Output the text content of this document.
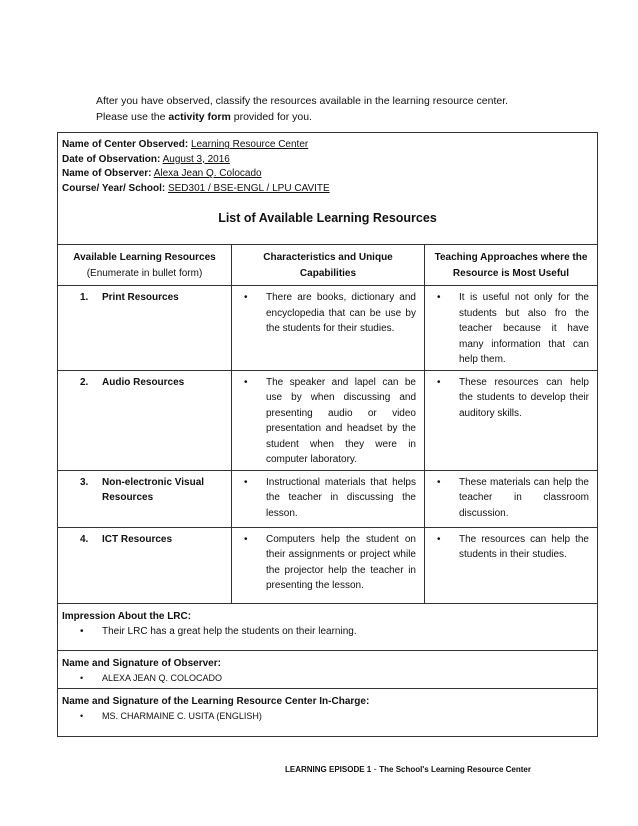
After you have observed, classify the resources available in the learning resource center.
Please use the activity form provided for you.
Name of Center Observed: Learning Resource Center
Date of Observation: August 3, 2016
Name of Observer: Alexa Jean Q. Colocado
Course/ Year/ School: SED301 / BSE-ENGL / LPU CAVITE
List of Available Learning Resources
Available Learning Resources
(Enumerate in bullet form)	Characteristics and Unique Capabilities	Teaching Approaches where the Resource is Most Useful

1. Print Resources	• There are books, dictionary and encyclopedia that can be use by the students for their studies.	• It is useful not only for the students but also fro the teacher because it have many information that can help them.

2. Audio Resources	• The speaker and lapel can be use by when discussing and presenting audio or video presentation and headset by the student when they were in computer laboratory.	• These resources can help the students to develop their auditory skills.

3. Non-electronic Visual Resources	• Instructional materials that helps the teacher in discussing the lesson.	• These materials can help the teacher in classroom discussion.

4. ICT Resources	• Computers help the student on their assignments or project while the projector help the teacher in presenting the lesson.	• The resources can help the students in their studies.
Impression About the LRC:
• Their LRC has a great help the students on their learning.
Name and Signature of Observer:
• ALEXA JEAN Q. COLOCADO
Name and Signature of the Learning Resource Center In-Charge:
• MS. CHARMAINE C. USITA (ENGLISH)
LEARNING EPISODE 1 - The School's Learning Resource Center
